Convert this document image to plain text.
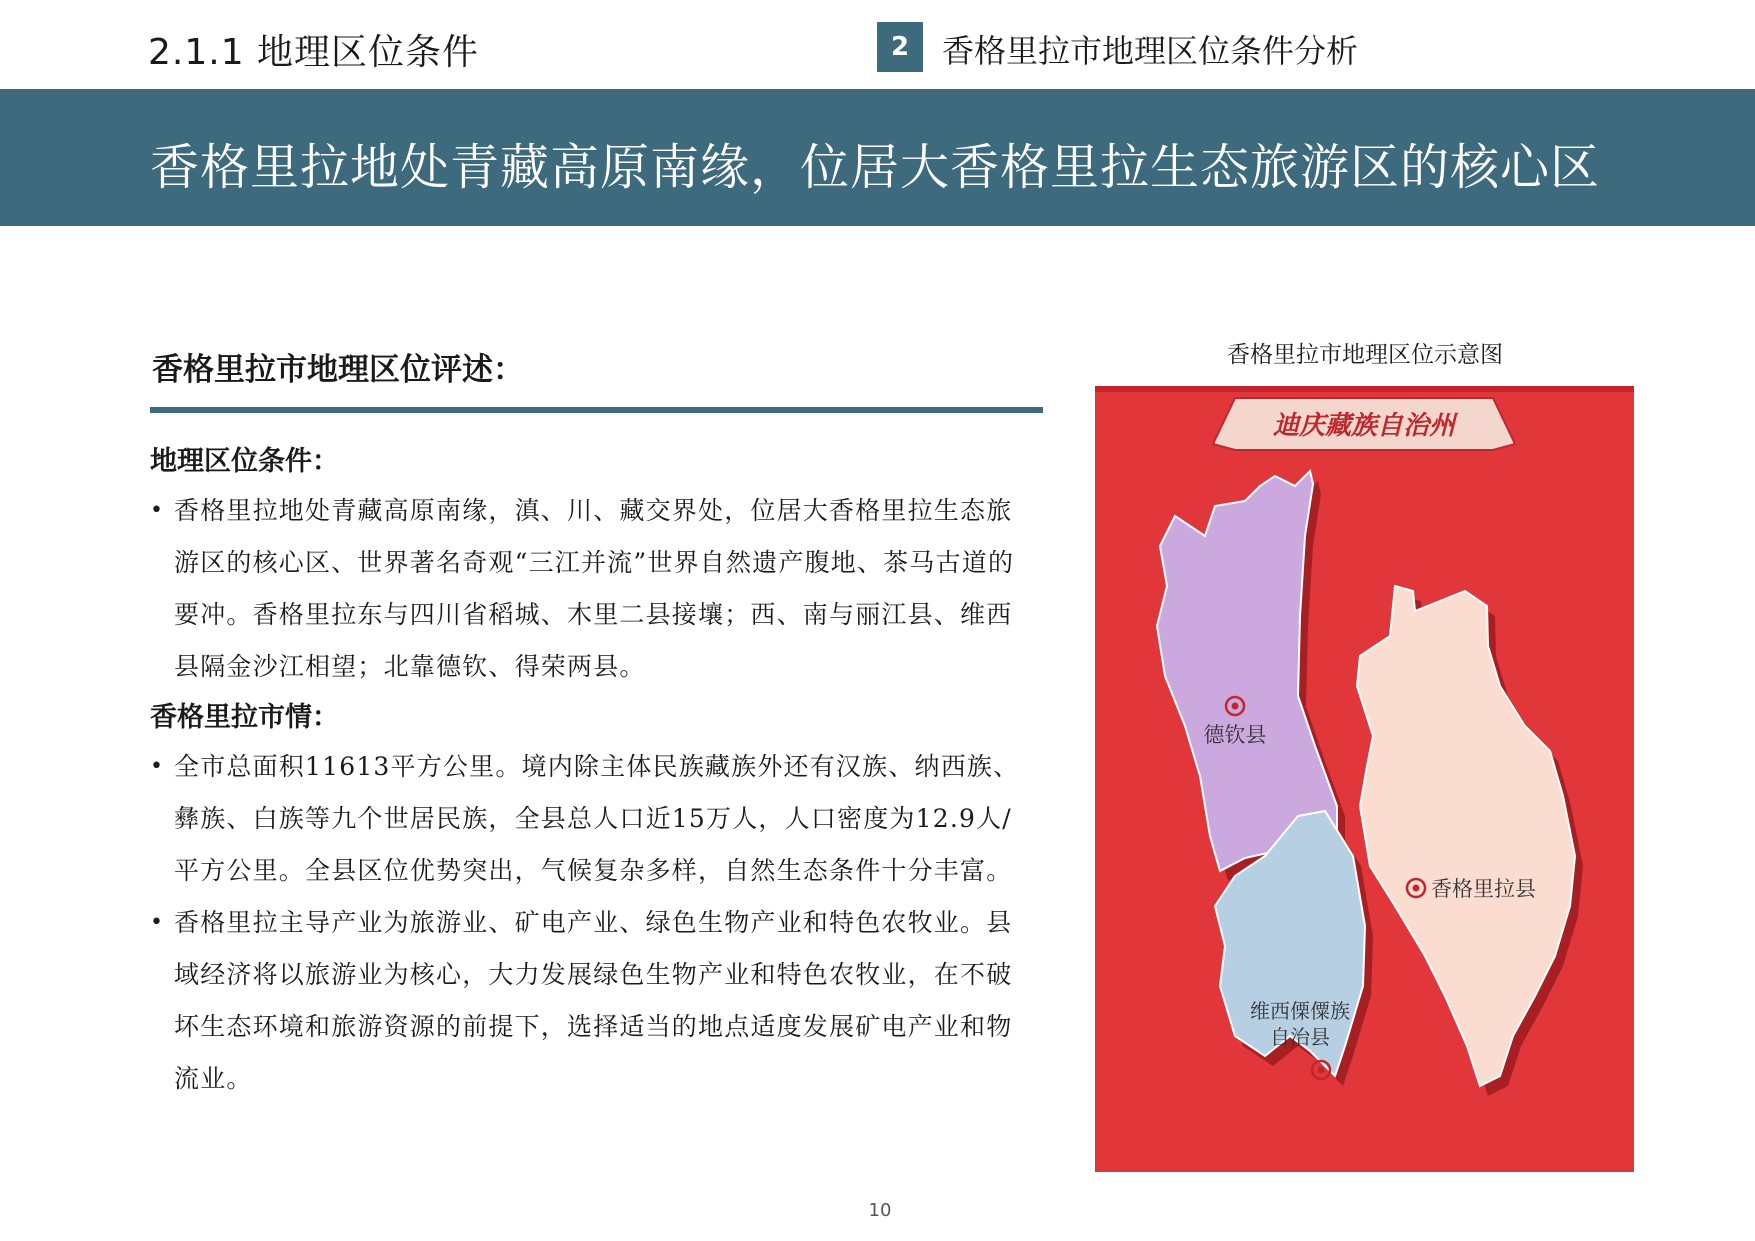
2.1.1 地理区位条件	2	香格里拉市地理区位条件分析
香格里拉地处青藏高原南缘，位居大香格里拉生态旅游区的核心区
香格里拉市地理区位评述：

地理区位条件：

• 香格里拉地处青藏高原南缘，滇、川、藏交界处，位居大香格里拉生态旅游区的核心区、世界著名奇观“三江并流”世界自然遗产腹地、茶马古道的要冲。香格里拉东与四川省稻城、木里二县接壤；西、南与丽江县、维西县隔金沙江相望；北靠德钦、得荣两县。

香格里拉市情：

• 全市总面积11613平方公里。境内除主体民族藏族外还有汉族、纳西族、彝族、白族等九个世居民族，全县总人口近15万人，人口密度为12.9人/平方公里。全县区位优势突出，气候复杂多样，自然生态条件十分丰富。

• 香格里拉主导产业为旅游业、矿电产业、绿色生物产业和特色农牧业。县域经济将以旅游业为核心，大力发展绿色生物产业和特色农牧业，在不破坏生态环境和旅游资源的前提下，选择适当的地点适度发展矿电产业和物流业。

香格里拉市地理区位示意图
迪庆藏族自治州
德钦县
香格里拉县
维西傈僳族
自治县
10
